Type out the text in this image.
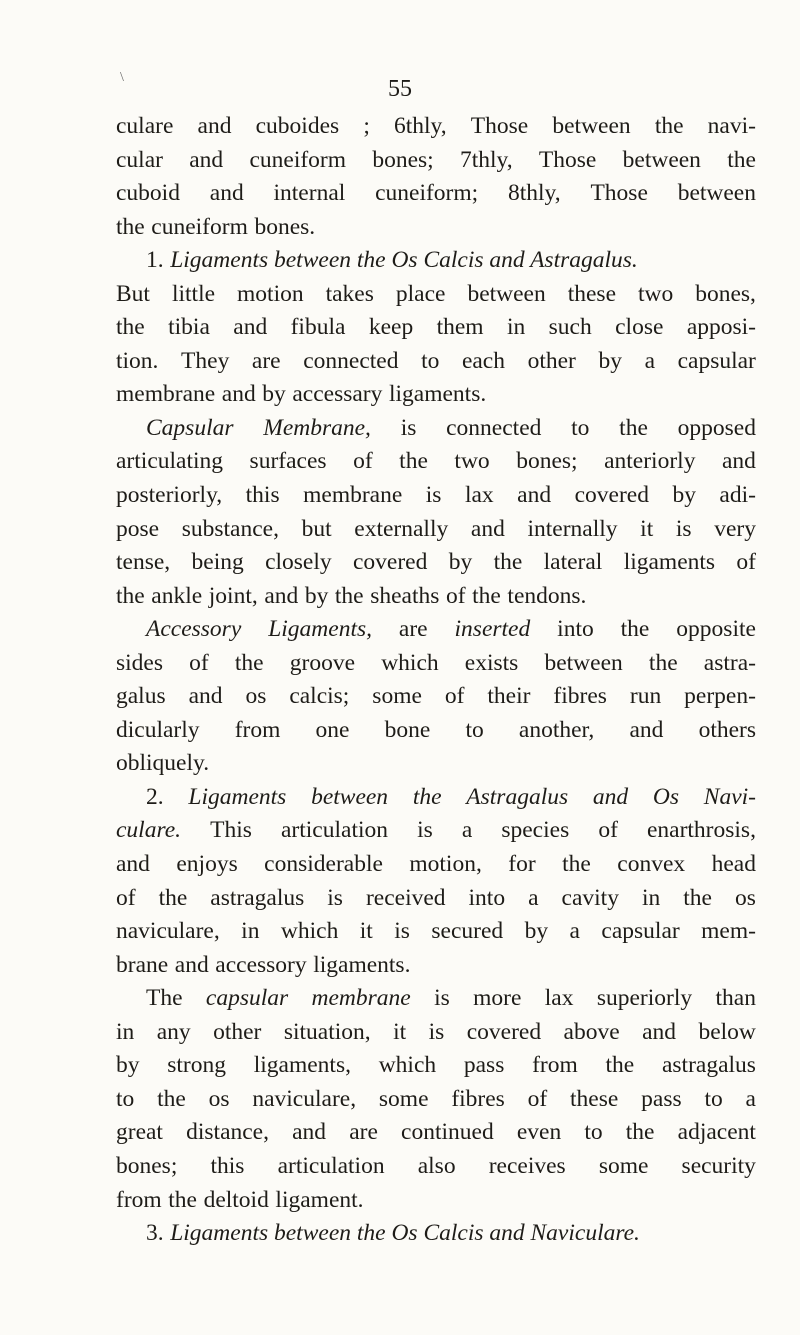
\	55
culare and cuboides ; 6thly, Those between the navi-
cular and cuneiform bones; 7thly, Those between the
cuboid and internal cuneiform; 8thly, Those between
the cuneiform bones.
1. Ligaments between the Os Calcis and Astragalus.
But little motion takes place between these two bones,
the tibia and fibula keep them in such close apposi-
tion. They are connected to each other by a capsular
membrane and by accessary ligaments.
Capsular Membrane, is connected to the opposed
articulating surfaces of the two bones; anteriorly and
posteriorly, this membrane is lax and covered by adi-
pose substance, but externally and internally it is very
tense, being closely covered by the lateral ligaments of
the ankle joint, and by the sheaths of the tendons.
Accessory Ligaments, are inserted into the opposite
sides of the groove which exists between the astra-
galus and os calcis; some of their fibres run perpen-
dicularly from one bone to another, and others
obliquely.
2. Ligaments between the Astragalus and Os Navi-
culare. This articulation is a species of enarthrosis,
and enjoys considerable motion, for the convex head
of the astragalus is received into a cavity in the os
naviculare, in which it is secured by a capsular mem-
brane and accessory ligaments.
The capsular membrane is more lax superiorly than
in any other situation, it is covered above and below
by strong ligaments, which pass from the astragalus
to the os naviculare, some fibres of these pass to a
great distance, and are continued even to the adjacent
bones; this articulation also receives some security
from the deltoid ligament.
3. Ligaments between the Os Calcis and Naviculare.
